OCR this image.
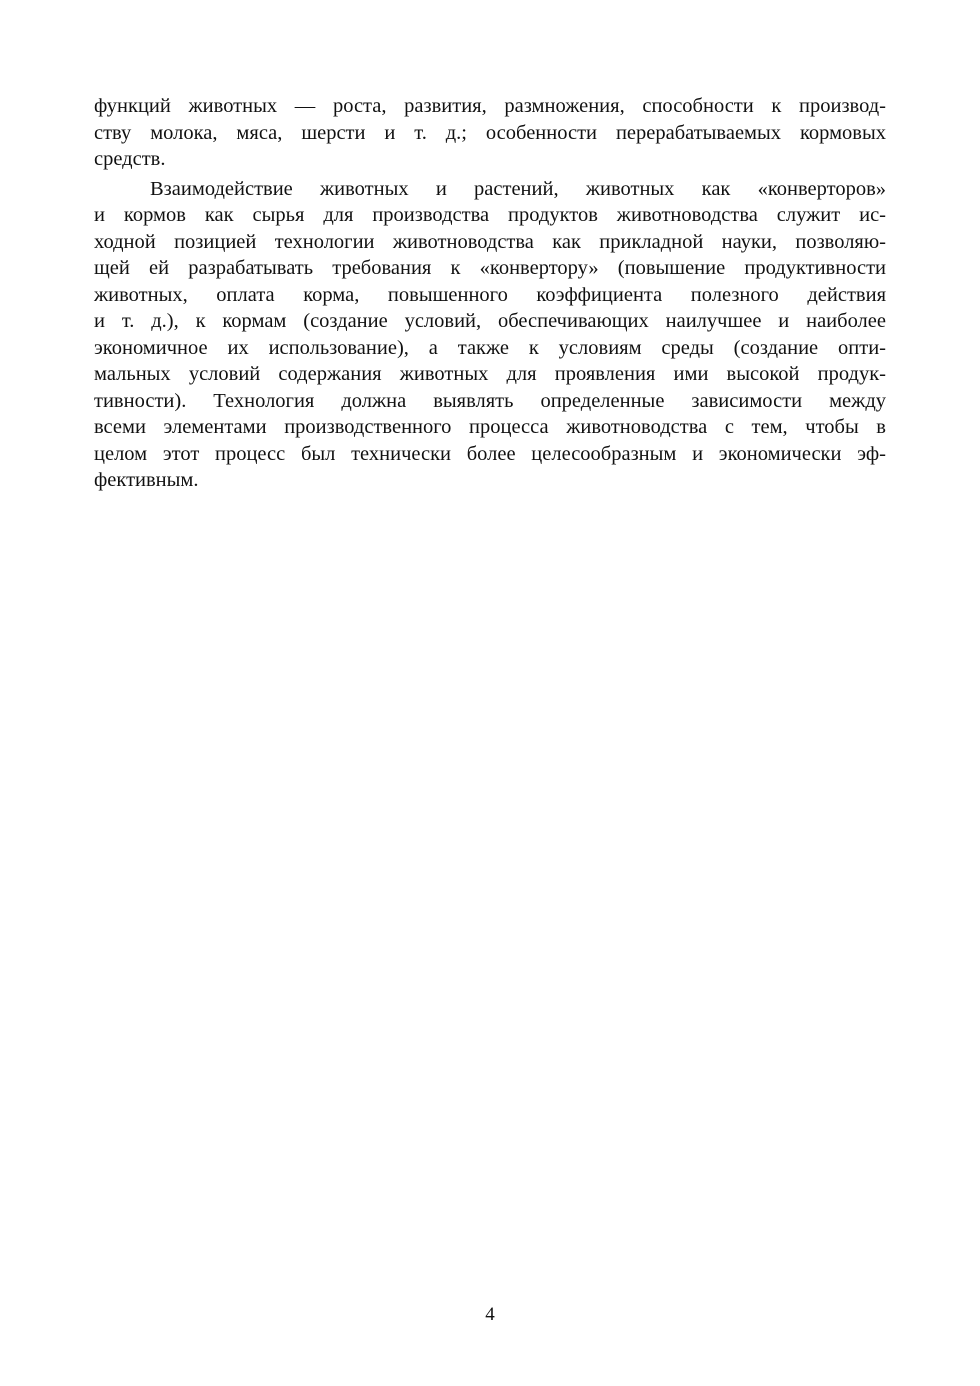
функций животных — роста, развития, размножения, способности к производ-
ству молока, мяса, шерсти и т. д.; особенности перерабатываемых кормовых
средств.
Взаимодействие животных и растений, животных как «конверторов»
и кормов как сырья для производства продуктов животноводства служит ис-
ходной позицией технологии животноводства как прикладной науки, позволяю-
щей ей разрабатывать требования к «конвертору» (повышение продуктивности
животных, оплата корма, повышенного коэффициента полезного действия
и т. д.), к кормам (создание условий, обеспечивающих наилучшее и наиболее
экономичное их использование), а также к условиям среды (создание опти-
мальных условий содержания животных для проявления ими высокой продук-
тивности). Технология должна выявлять определенные зависимости между
всеми элементами производственного процесса животноводства с тем, чтобы в
целом этот процесс был технически более целесообразным и экономически эф-
фективным.
4
